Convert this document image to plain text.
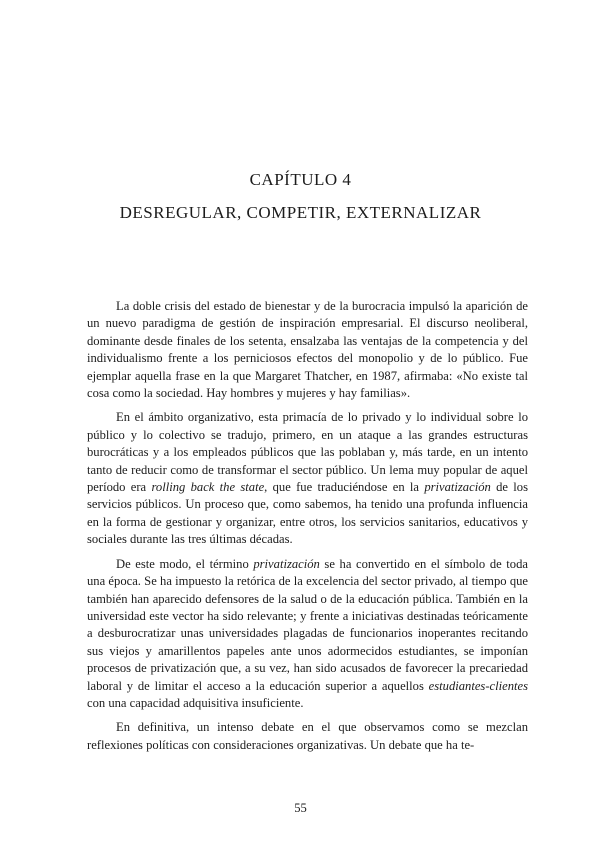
CAPÍTULO 4
DESREGULAR, COMPETIR, EXTERNALIZAR

La doble crisis del estado de bienestar y de la burocracia impulsó la aparición de un nuevo paradigma de gestión de inspiración empresarial. El discurso neoliberal, dominante desde finales de los setenta, ensalzaba las ventajas de la competencia y del individualismo frente a los perniciosos efectos del monopolio y de lo público. Fue ejemplar aquella frase en la que Margaret Thatcher, en 1987, afirmaba: «No existe tal cosa como la sociedad. Hay hombres y mujeres y hay familias».

En el ámbito organizativo, esta primacía de lo privado y lo individual sobre lo público y lo colectivo se tradujo, primero, en un ataque a las grandes estructuras burocráticas y a los empleados públicos que las poblaban y, más tarde, en un intento tanto de reducir como de transformar el sector público. Un lema muy popular de aquel período era rolling back the state, que fue traduciéndose en la privatización de los servicios públicos. Un proceso que, como sabemos, ha tenido una profunda influencia en la forma de gestionar y organizar, entre otros, los servicios sanitarios, educativos y sociales durante las tres últimas décadas.

De este modo, el término privatización se ha convertido en el símbolo de toda una época. Se ha impuesto la retórica de la excelencia del sector privado, al tiempo que también han aparecido defensores de la salud o de la educación pública. También en la universidad este vector ha sido relevante; y frente a iniciativas destinadas teóricamente a desburocratizar unas universidades plagadas de funcionarios inoperantes recitando sus viejos y amarillentos papeles ante unos adormecidos estudiantes, se imponían procesos de privatización que, a su vez, han sido acusados de favorecer la precariedad laboral y de limitar el acceso a la educación superior a aquellos estudiantes-clientes con una capacidad adquisitiva insuficiente.

En definitiva, un intenso debate en el que observamos como se mezclan reflexiones políticas con consideraciones organizativas. Un debate que ha te-

55
